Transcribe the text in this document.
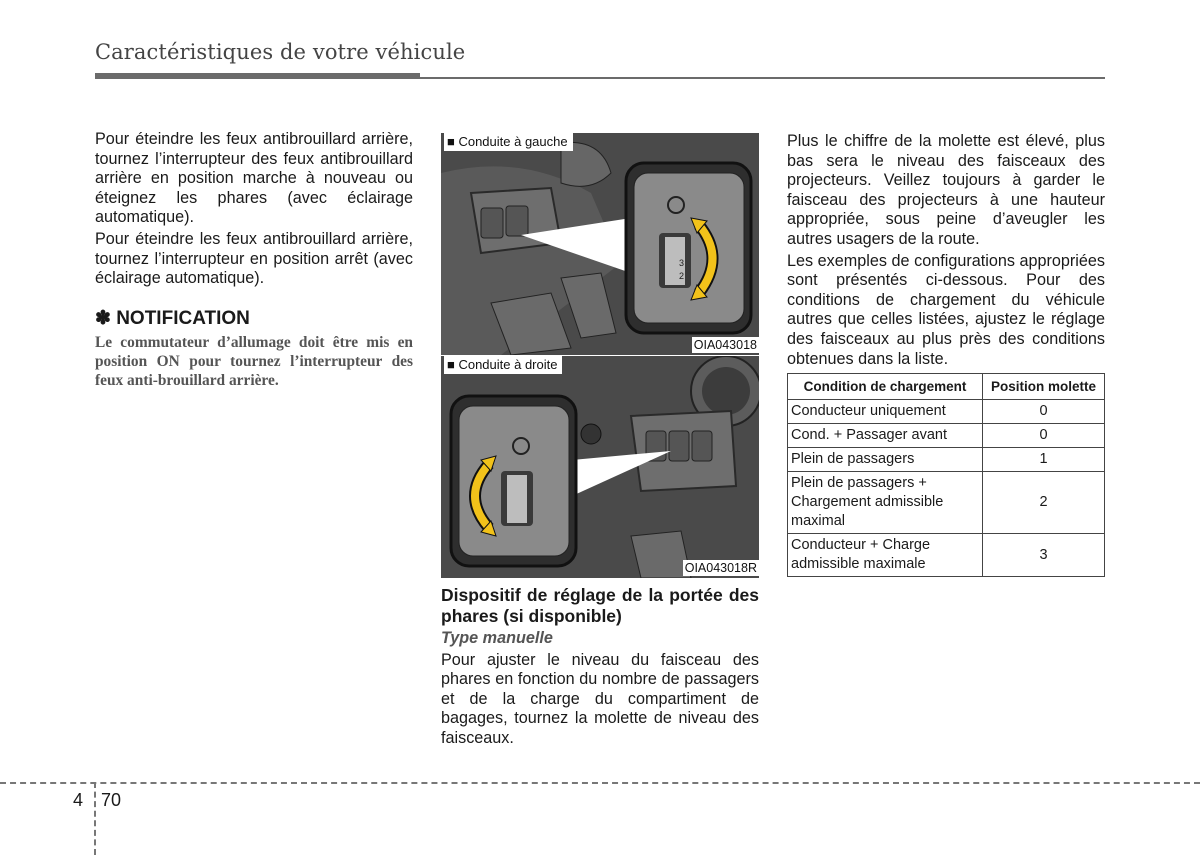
Caractéristiques de votre véhicule

Pour éteindre les feux antibrouillard arrière, tournez l’interrupteur des feux antibrouillard arrière en position marche à nouveau ou éteignez les phares (avec éclairage automatique).

Pour éteindre les feux antibrouillard arrière, tournez l’interrupteur en position arrêt (avec éclairage automatique).

✽ NOTIFICATION
Le commutateur d’allumage doit être mis en position ON pour tournez l’interrupteur des feux anti-brouillard arrière.
3
2
■ Conduite à gauche
OIA043018
■ Conduite à droite
OIA043018R

Dispositif de réglage de la portée des phares (si disponible)

Type manuelle

Pour ajuster le niveau du faisceau des phares en fonction du nombre de passagers et de la charge du compartiment de bagages, tournez la molette de niveau des faisceaux.

Plus le chiffre de la molette est élevé, plus bas sera le niveau des faisceaux des projecteurs. Veillez toujours à garder le faisceau des projecteurs à une hauteur appropriée, sous peine d’aveugler les autres usagers de la route.

Les exemples de configurations appropriées sont présentés ci-dessous. Pour des conditions de chargement du véhicule autres que celles listées, ajustez le réglage des faisceaux au plus près des conditions obtenues dans la liste.

Condition de chargement	Position molette
Conducteur uniquement	0
Cond. + Passager avant	0
Plein de passagers	1
Plein de passagers + Chargement admissible maximal	2
Conducteur + Charge admissible maximale	3
4 70
